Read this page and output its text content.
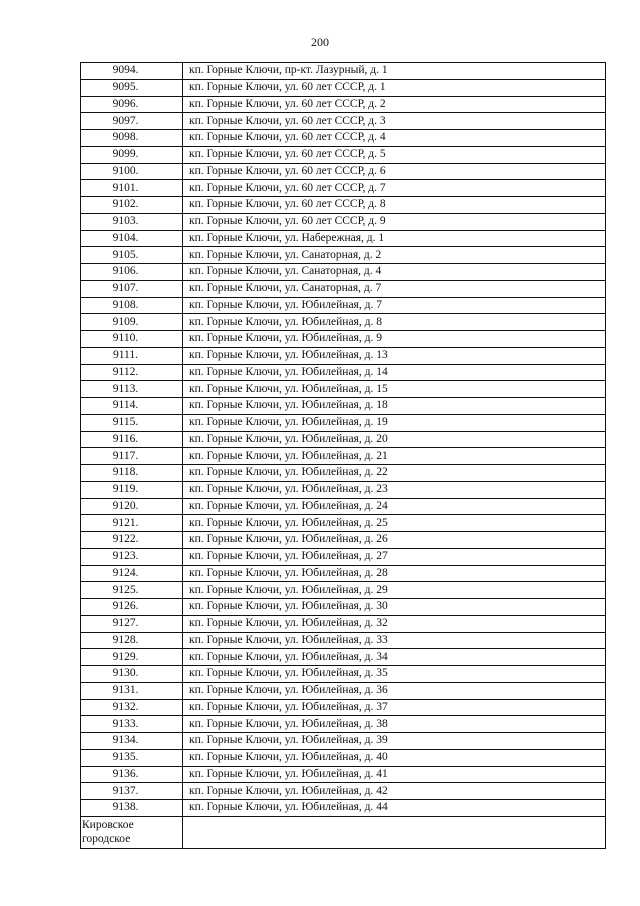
200
9094.	кп. Горные Ключи, пр-кт. Лазурный, д. 1
9095.	кп. Горные Ключи, ул. 60 лет СССР, д. 1
9096.	кп. Горные Ключи, ул. 60 лет СССР, д. 2
9097.	кп. Горные Ключи, ул. 60 лет СССР, д. 3
9098.	кп. Горные Ключи, ул. 60 лет СССР, д. 4
9099.	кп. Горные Ключи, ул. 60 лет СССР, д. 5
9100.	кп. Горные Ключи, ул. 60 лет СССР, д. 6
9101.	кп. Горные Ключи, ул. 60 лет СССР, д. 7
9102.	кп. Горные Ключи, ул. 60 лет СССР, д. 8
9103.	кп. Горные Ключи, ул. 60 лет СССР, д. 9
9104.	кп. Горные Ключи, ул. Набережная, д. 1
9105.	кп. Горные Ключи, ул. Санаторная, д. 2
9106.	кп. Горные Ключи, ул. Санаторная, д. 4
9107.	кп. Горные Ключи, ул. Санаторная, д. 7
9108.	кп. Горные Ключи, ул. Юбилейная, д. 7
9109.	кп. Горные Ключи, ул. Юбилейная, д. 8
9110.	кп. Горные Ключи, ул. Юбилейная, д. 9
9111.	кп. Горные Ключи, ул. Юбилейная, д. 13
9112.	кп. Горные Ключи, ул. Юбилейная, д. 14
9113.	кп. Горные Ключи, ул. Юбилейная, д. 15
9114.	кп. Горные Ключи, ул. Юбилейная, д. 18
9115.	кп. Горные Ключи, ул. Юбилейная, д. 19
9116.	кп. Горные Ключи, ул. Юбилейная, д. 20
9117.	кп. Горные Ключи, ул. Юбилейная, д. 21
9118.	кп. Горные Ключи, ул. Юбилейная, д. 22
9119.	кп. Горные Ключи, ул. Юбилейная, д. 23
9120.	кп. Горные Ключи, ул. Юбилейная, д. 24
9121.	кп. Горные Ключи, ул. Юбилейная, д. 25
9122.	кп. Горные Ключи, ул. Юбилейная, д. 26
9123.	кп. Горные Ключи, ул. Юбилейная, д. 27
9124.	кп. Горные Ключи, ул. Юбилейная, д. 28
9125.	кп. Горные Ключи, ул. Юбилейная, д. 29
9126.	кп. Горные Ключи, ул. Юбилейная, д. 30
9127.	кп. Горные Ключи, ул. Юбилейная, д. 32
9128.	кп. Горные Ключи, ул. Юбилейная, д. 33
9129.	кп. Горные Ключи, ул. Юбилейная, д. 34
9130.	кп. Горные Ключи, ул. Юбилейная, д. 35
9131.	кп. Горные Ключи, ул. Юбилейная, д. 36
9132.	кп. Горные Ключи, ул. Юбилейная, д. 37
9133.	кп. Горные Ключи, ул. Юбилейная, д. 38
9134.	кп. Горные Ключи, ул. Юбилейная, д. 39
9135.	кп. Горные Ключи, ул. Юбилейная, д. 40
9136.	кп. Горные Ключи, ул. Юбилейная, д. 41
9137.	кп. Горные Ключи, ул. Юбилейная, д. 42
9138.	кп. Горные Ключи, ул. Юбилейная, д. 44

Кировское
городское	
